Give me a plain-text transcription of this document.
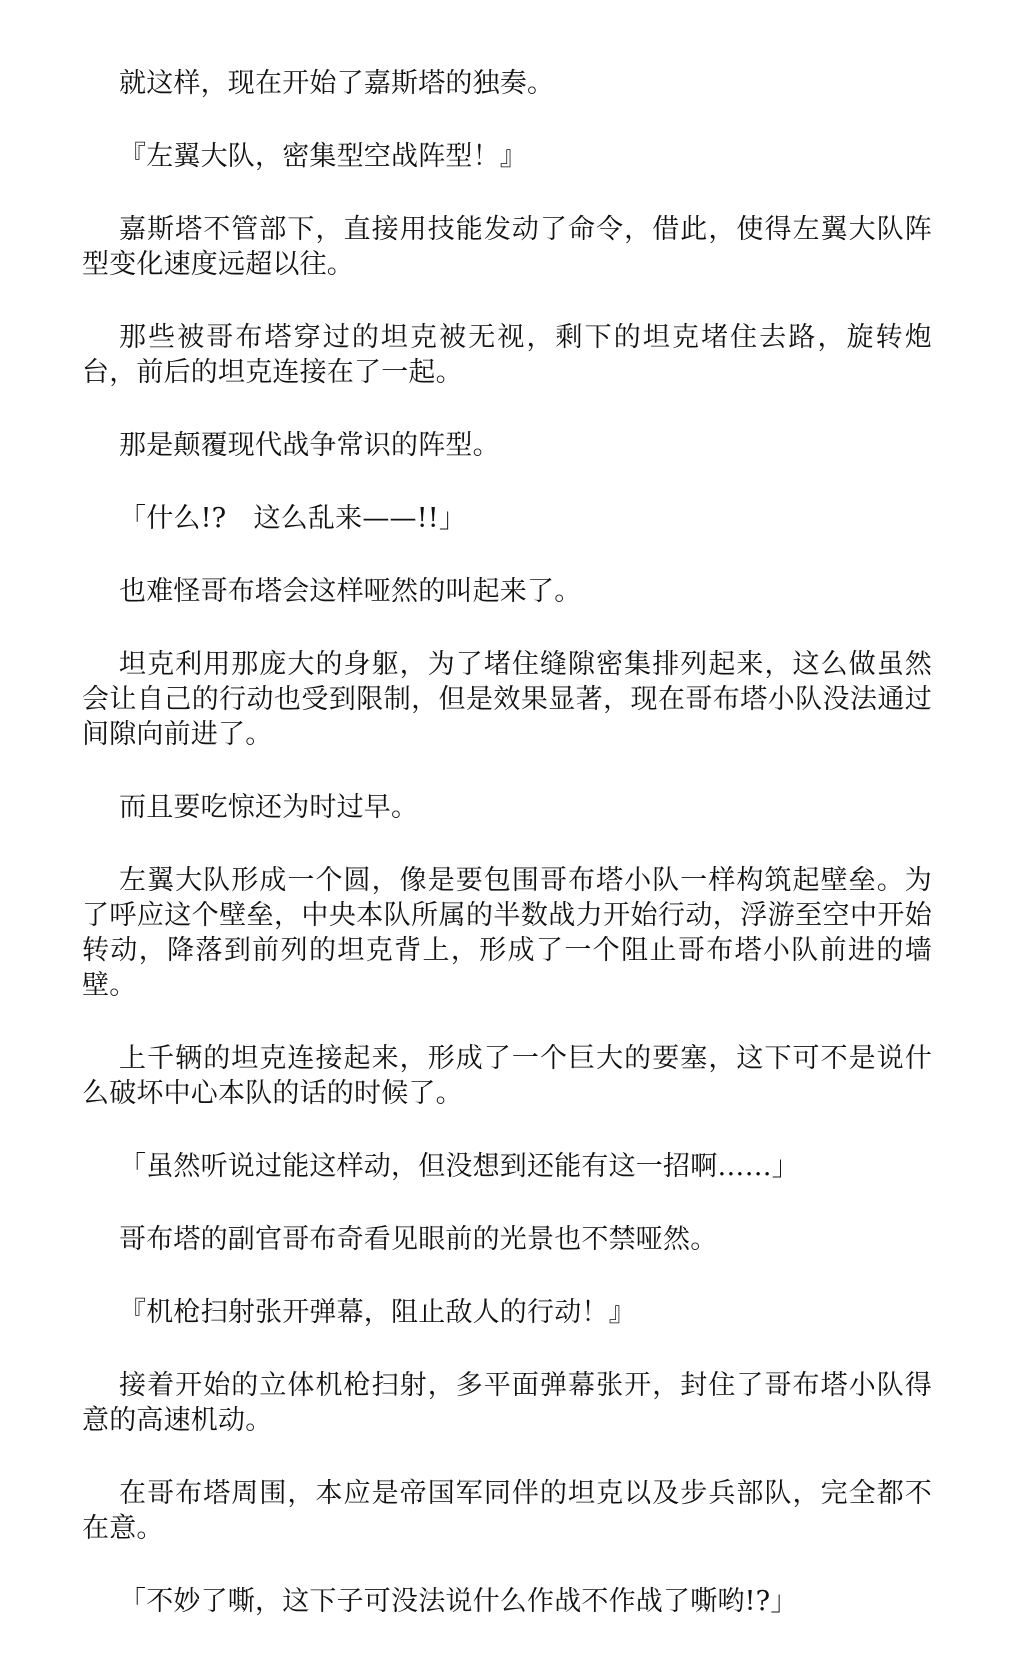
就这样，现在开始了嘉斯塔的独奏。

『左翼大队，密集型空战阵型！』

嘉斯塔不管部下，直接用技能发动了命令，借此，使得左翼大队阵型变化速度远超以往。

那些被哥布塔穿过的坦克被无视，剩下的坦克堵住去路，旋转炮台，前后的坦克连接在了一起。

那是颠覆现代战争常识的阵型。

「什么!?　这么乱来——!!」

也难怪哥布塔会这样哑然的叫起来了。

坦克利用那庞大的身躯，为了堵住缝隙密集排列起来，这么做虽然会让自己的行动也受到限制，但是效果显著，现在哥布塔小队没法通过间隙向前进了。

而且要吃惊还为时过早。

左翼大队形成一个圆，像是要包围哥布塔小队一样构筑起壁垒。为了呼应这个壁垒，中央本队所属的半数战力开始行动，浮游至空中开始转动，降落到前列的坦克背上，形成了一个阻止哥布塔小队前进的墙壁。

上千辆的坦克连接起来，形成了一个巨大的要塞，这下可不是说什么破坏中心本队的话的时候了。

「虽然听说过能这样动，但没想到还能有这一招啊……」

哥布塔的副官哥布奇看见眼前的光景也不禁哑然。

『机枪扫射张开弹幕，阻止敌人的行动！』

接着开始的立体机枪扫射，多平面弹幕张开，封住了哥布塔小队得意的高速机动。

在哥布塔周围，本应是帝国军同伴的坦克以及步兵部队，完全都不在意。

「不妙了嘶，这下子可没法说什么作战不作战了嘶哟!?」
